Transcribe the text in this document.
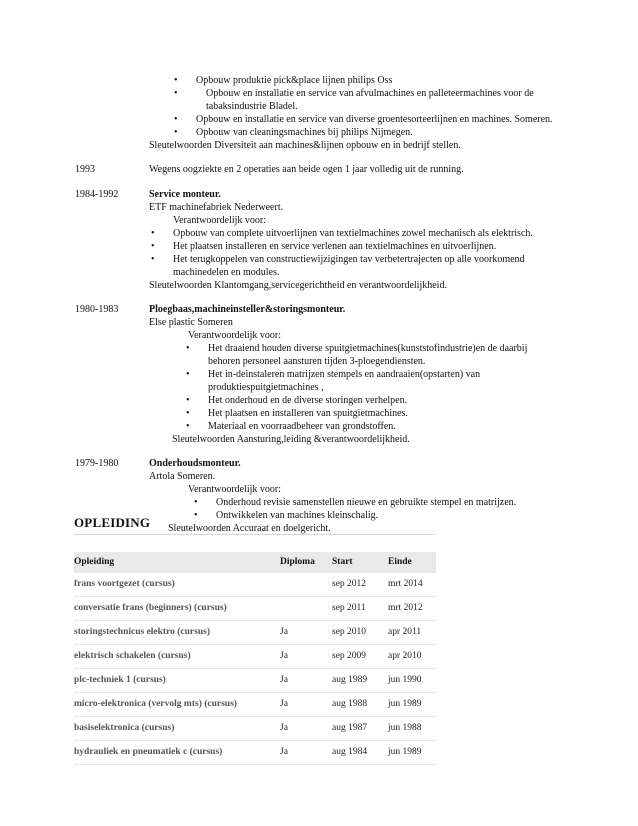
• Opbouw produktie pick&place lijnen philips Oss
• Opbouw en installatie en service van afvulmachines en palleteermachines voor de
tabaksindustrie Bladel.
• Opbouw en installatie en service van diverse groentesorteerlijnen en machines. Someren.
• Opbouw van cleaningsmachines bij philips Nijmegen.
Sleutelwoorden Diversiteit aan machines&lijnen opbouw en in bedrijf stellen.
1993	Wegens oogziekte en 2 operaties aan beide ogen 1 jaar volledig uit de running.
1984-1992	Service monteur.
ETF machinefabriek Nederweert.
Verantwoordelijk voor:
• Opbouw van complete uitvoerlijnen van textielmachines zowel mechanisch als elektrisch.
• Het plaatsen installeren en service verlenen aan textielmachines en uitvoerlijnen.
• Het terugkoppelen van constructiewijzigingen tav verbetertrajecten op alle voorkomend
machinedelen en modules.
Sleutelwoorden Klantomgang,servicegerichtheid en verantwoordelijkheid.
1980-1983	Ploegbaas,machineinsteller&storingsmonteur.
Else plastic Someren
Verantwoordelijk voor:
• Het draaiend houden diverse spuitgietmachines(kunststofindustrie)en de daarbij
behoren personeel aansturen tijden 3-ploegendiensten.
• Het in-deinstaleren matrijzen stempels en aandraaien(opstarten) van
produktiespuitgietmachines ,
• Het onderhoud en de diverse storingen verhelpen.
• Het plaatsen en installeren van spuitgietmachines.
• Materiaal en voorraadbeheer van grondstoffen.
Sleutelwoorden Aansturing,leiding &verantwoordelijkheid.
1979-1980	Onderhoudsmonteur.
Artola Someren.
Verantwoordelijk voor:
• Onderhoud revisie samenstellen nieuwe en gebruikte stempel en matrijzen.
• Ontwikkelen van machines kleinschalig.
Sleutelwoorden Accuraat en doelgericht.
OPLEIDING
Opleiding	Diploma	Start	Einde
frans voortgezet (cursus)		sep 2012	mrt 2014
conversatie frans (beginners) (cursus)		sep 2011	mrt 2012
storingstechnicus elektro (cursus)	Ja	sep 2010	apr 2011
elektrisch schakelen (cursus)	Ja	sep 2009	apr 2010
plc-techniek 1 (cursus)	Ja	aug 1989	jun 1990
micro-elektronica (vervolg mts) (cursus)	Ja	aug 1988	jun 1989
basiselektronica (cursus)	Ja	aug 1987	jun 1988
hydrauliek en pneumatiek c (cursus)	Ja	aug 1984	jun 1989
